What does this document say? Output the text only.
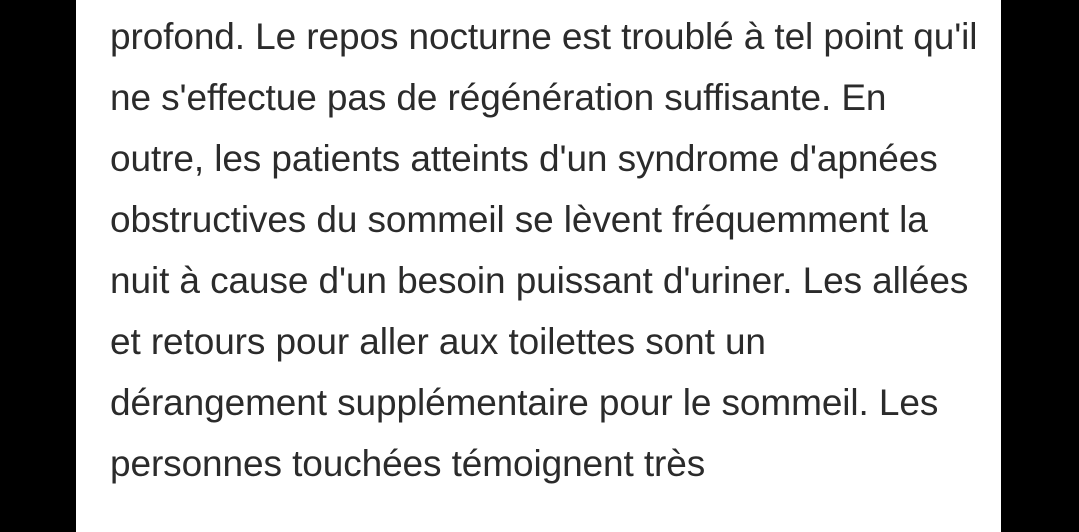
profond. Le repos nocturne est troublé à tel point qu'il ne s'effectue pas de régénération suffisante. En outre, les patients atteints d'un syndrome d'apnées obstructives du sommeil se lèvent fréquemment la nuit à cause d'un besoin puissant d'uriner. Les allées et retours pour aller aux toilettes sont un dérangement supplémentaire pour le sommeil. Les personnes touchées témoignent très
